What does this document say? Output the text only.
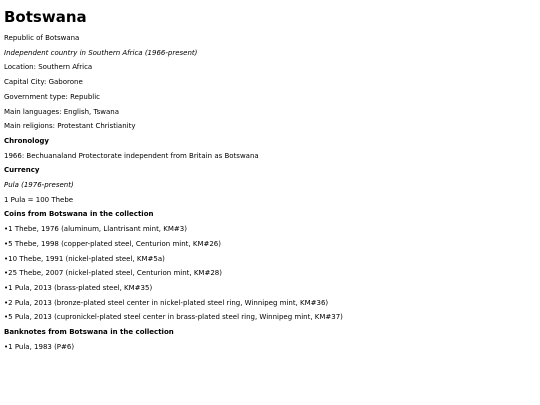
Botswana
Republic of Botswana
Independent country in Southern Africa (1966-present)
Location: Southern Africa
Capital City: Gaborone
Government type: Republic
Main languages: English, Tswana
Main religions: Protestant Christianity
Chronology
1966: Bechuanaland Protectorate independent from Britain as Botswana
Currency
Pula (1976-present)
1 Pula = 100 Thebe
Coins from Botswana in the collection
•1 Thebe, 1976 (aluminum, Llantrisant mint, KM#3)
•5 Thebe, 1998 (copper-plated steel, Centurion mint, KM#26)
•10 Thebe, 1991 (nickel-plated steel, KM#5a)
•25 Thebe, 2007 (nickel-plated steel, Centurion mint, KM#28)
•1 Pula, 2013 (brass-plated steel, KM#35)
•2 Pula, 2013 (bronze-plated steel center in nickel-plated steel ring, Winnipeg mint, KM#36)
•5 Pula, 2013 (cupronickel-plated steel center in brass-plated steel ring, Winnipeg mint, KM#37)
Banknotes from Botswana in the collection
•1 Pula, 1983 (P#6)
